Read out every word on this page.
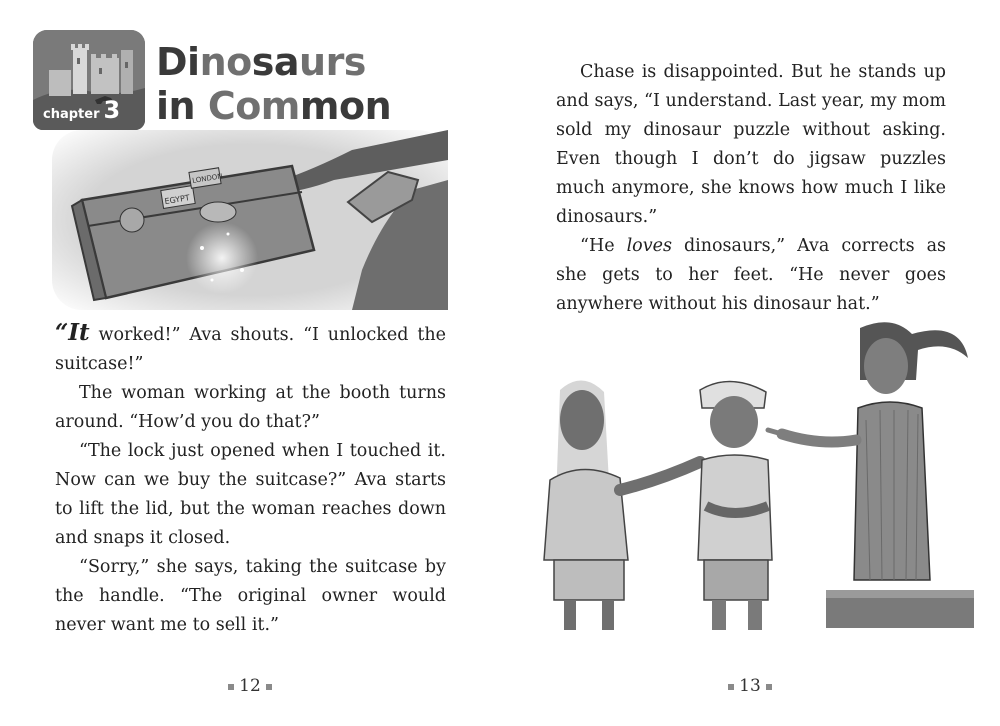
chapter 3
Dinosaurs
in Common
EGYPT
LONDON

“It worked!” Ava shouts. “I unlocked the suitcase!”

The woman working at the booth turns around. “How’d you do that?”

“The lock just opened when I touched it. Now can we buy the suitcase?” Ava starts to lift the lid, but the woman reaches down and snaps it closed.

“Sorry,” she says, taking the suitcase by the handle. “The original owner would never want me to sell it.”

12

Chase is disappointed. But he stands up and says, “I understand. Last year, my mom sold my dinosaur puzzle without asking. Even though I don’t do jigsaw puzzles much anymore, she knows how much I like dinosaurs.”

“He loves dinosaurs,” Ava corrects as she gets to her feet. “He never goes anywhere without his dinosaur hat.”

13
